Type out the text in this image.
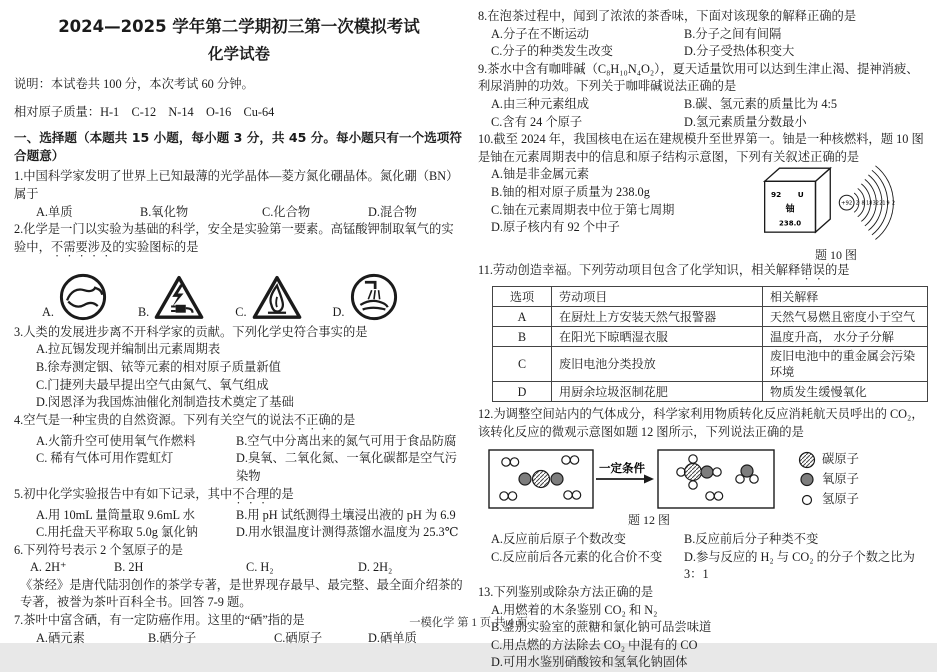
2024—2025 学年第二学期初三第一次模拟考试
化学试卷
说明：本试卷共 100 分，本次考试 60 分钟。
相对原子质量：H-1    C-12    N-14    O-16    Cu-64
一、选择题（本题共 15 小题，每小题 3 分，共 45 分。每小题只有一个选项符合题意）

1.中国科学家发明了世界上已知最薄的光学晶体—菱方氮化硼晶体。氮化硼（BN）属于

A.单质	B.氧化物	C.化合物	D.混合物

2.化学是一门以实验为基础的科学，安全是实验第一要素。高锰酸钾制取氧气的实验中，不需要涉及的实验图标的是

A.	B.	C.	D.

3.人类的发展进步离不开科学家的贡献。下列化学史符合事实的是

A.拉瓦锡发现并编制出元素周期表
B.徐寿测定铟、铱等元素的相对原子质量新值
C.门捷列夫最早提出空气由氮气、氧气组成
D.闵恩泽为我国炼油催化剂制造技术奠定了基础

4.空气是一种宝贵的自然资源。下列有关空气的说法不正确的是

A.火箭升空可使用氧气作燃料	B.空气中分离出来的氮气可用于食品防腐
C. 稀有气体可用作霓虹灯	D.臭氧、二氧化氮、一氧化碳都是空气污染物

5.初中化学实验报告中有如下记录，其中不合理的是

A.用 10mL 量筒量取 9.6mL 水	B.用 pH 试纸测得土壤浸出液的 pH 为 6.9
C.用托盘天平称取 5.0g 氯化钠	D.用水银温度计测得蒸馏水温度为 25.3℃

6.下列符号表示 2 个氢原子的是

A. 2H⁺	B. 2H	C. H₂	D. 2H₂

《茶经》是唐代陆羽创作的茶学专著，是世界现存最早、最完整、最全面介绍茶的专著，被誉为茶叶百科全书。回答 7-9 题。

7.茶叶中富含硒，有一定防癌作用。这里的“硒”指的是

A.硒元素	B.硒分子	C.硒原子	D.硒单质

8.在泡茶过程中，闻到了浓浓的茶香味，下面对该现象的解释正确的是

A.分子在不断运动	B.分子之间有间隔
C.分子的种类发生改变	D.分子受热体积变大

9.茶水中含有咖啡碱（C₈H₁₀N₄O₂），夏天适量饮用可以达到生津止渴、提神消疲、利尿消肿的功效。下列关于咖啡碱说法正确的是

A.由三种元素组成	B.碳、氢元素的质量比为 4:5
C.含有 24 个原子	D.氢元素质量分数最小

10.截至 2024 年，我国核电在运在建规模升至世界第一。铀是一种核燃料，题 10 图是铀在元素周期表中的信息和原子结构示意图，下列有关叙述正确的是

A.铀是非金属元素
B.铀的相对原子质量为 238.0g
C.铀在元素周期表中位于第七周期
D.原子核内有 92 个中子
92 U
铀
238.0
+92 2 8 18 32 21 9 2
题 10 图

11.劳动创造幸福。下列劳动项目包含了化学知识，相关解释错误的是

选项	劳动项目	相关解释
A	在厨灶上方安装天然气报警器	天然气易燃且密度小于空气
B	在阳光下晾晒湿衣服	温度升高， 水分子分解
C	废旧电池分类投放	废旧电池中的重金属会污染环境
D	用厨余垃圾沤制花肥	物质发生缓慢氧化

12.为调整空间站内的气体成分，科学家利用物质转化反应消耗航天员呼出的 CO₂，该转化反应的微观示意图如题 12 图所示，下列说法正确的是

一定条件
碳原子
氧原子
氢原子
题 12 图
A.反应前后原子个数改变	B.反应前后分子种类不变
C.反应前后各元素的化合价不变	D.参与反应的 H₂ 与 CO₂ 的分子个数之比为 3：1

13.下列鉴别或除杂方法正确的是

A.用燃着的木条鉴别 CO₂ 和 N₂
B.鉴别实验室的蔗糖和氯化钠可品尝味道
C.用点燃的方法除去 CO₂ 中混有的 CO
D.可用水鉴别硝酸铵和氢氧化钠固体
一模化学 第 1 页 共 4 页
